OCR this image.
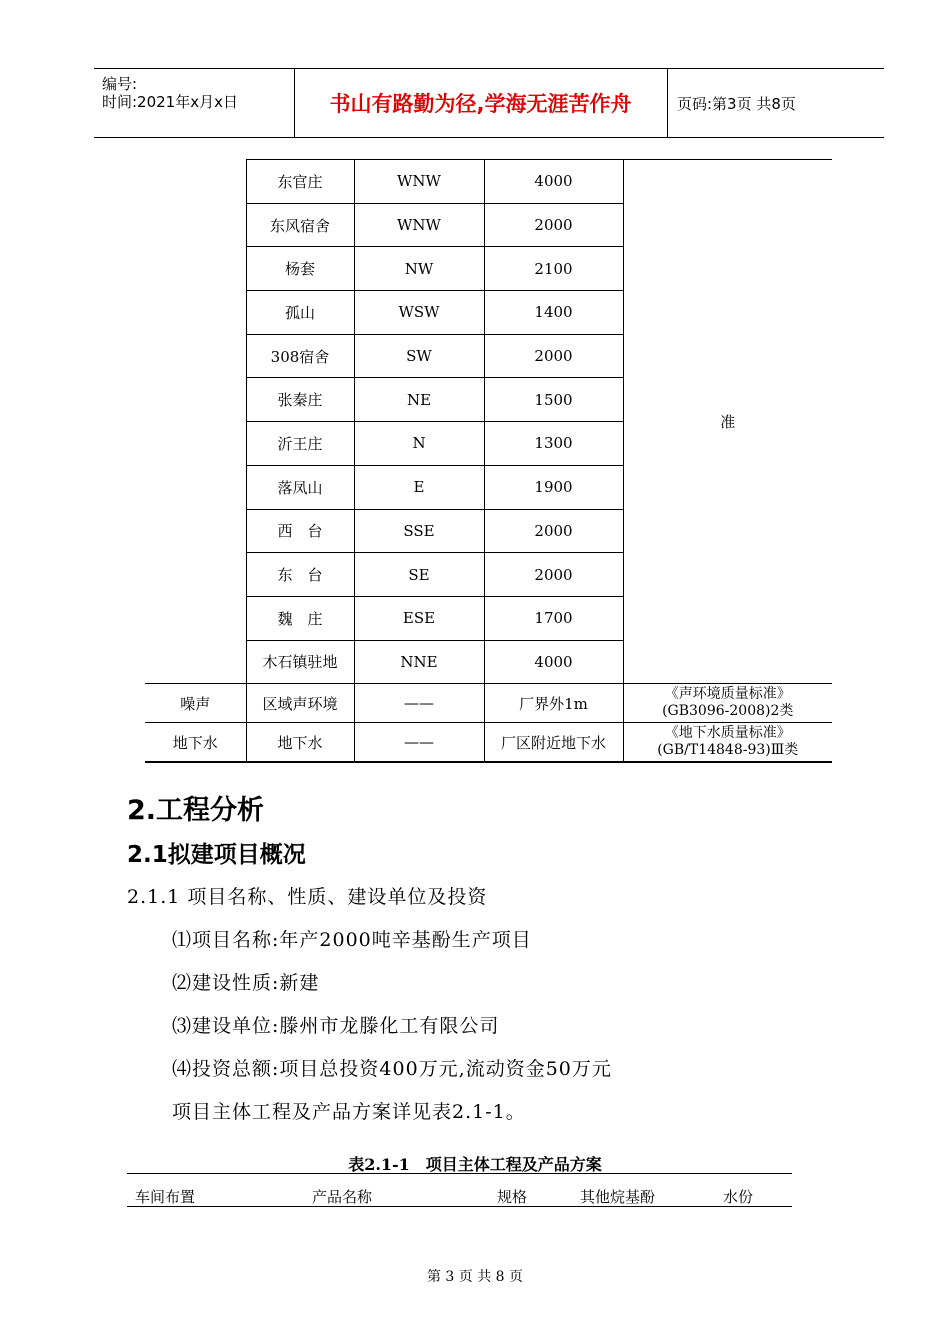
编号:
时间:2021年x月x日	书山有路勤为径,学海无涯苦作舟	页码:第3页 共8页
	东官庄	WNW	4000	准
	东风宿舍	WNW	2000	
	杨套	NW	2100	
	孤山	WSW	1400	
	308宿舍	SW	2000	
	张秦庄	NE	1500	
	沂王庄	N	1300	
	落凤山	E	1900	
	西　台	SSE	2000	
	东　台	SE	2000	
	魏　庄	ESE	1700	
	木石镇驻地	NNE	4000	
噪声	区域声环境	——	厂界外1m	《声环境质量标准》
(GB3096-2008)2类

地下水	地下水	——	厂区附近地下水	《地下水质量标准》
(GB/T14848-93)Ⅲ类
2.工程分析
2.1拟建项目概况
2.1.1 项目名称、性质、建设单位及投资
⑴项目名称:年产2000吨辛基酚生产项目
⑵建设性质:新建
⑶建设单位:滕州市龙滕化工有限公司
⑷投资总额:项目总投资400万元,流动资金50万元
项目主体工程及产品方案详见表2.1-1。
表2.1-1　项目主体工程及产品方案
车间布置	产品名称	规格	其他烷基酚	水份
第 3 页 共 8 页
